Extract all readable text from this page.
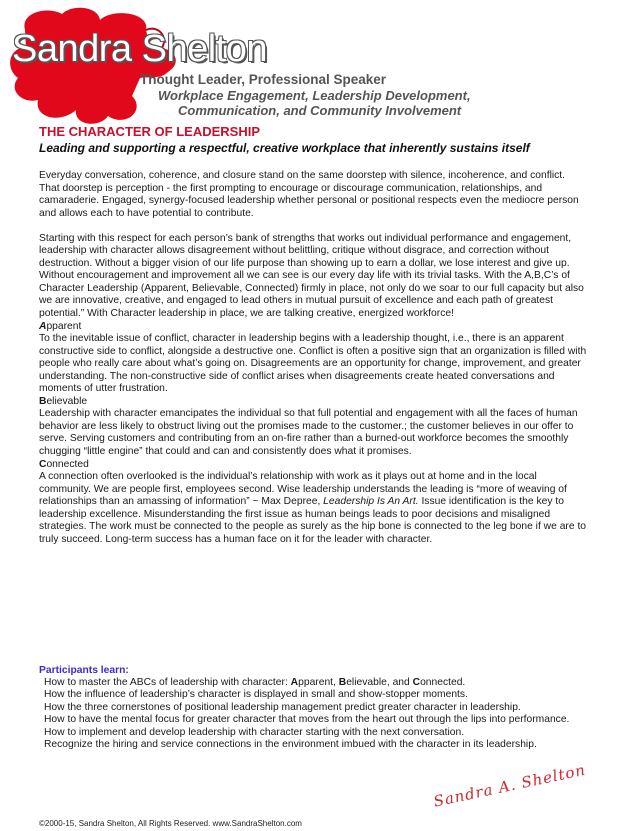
Sandra Shelton
Thought Leader, Professional Speaker
Workplace Engagement, Leadership Development,
Communication, and Community Involvement
THE CHARACTER OF LEADERSHIP
Leading and supporting a respectful, creative workplace that inherently sustains itself

Everyday conversation, coherence, and closure stand on the same doorstep with silence, incoherence, and conflict. That doorstep is perception - the first prompting to encourage or discourage communication, relationships, and camaraderie. Engaged, synergy-focused leadership whether personal or positional respects even the mediocre person and allows each to have potential to contribute.

Starting with this respect for each person’s bank of strengths that works out individual performance and engagement, leadership with character allows disagreement without belittling, critique without disgrace, and correction without destruction. Without a bigger vision of our life purpose than showing up to earn a dollar, we lose interest and give up. Without encouragement and improvement all we can see is our every day life with its trivial tasks. With the A,B,C’s of Character Leadership (Apparent, Believable, Connected) firmly in place, not only do we soar to our full capacity but also we are innovative, creative, and engaged to lead others in mutual pursuit of excellence and each path of greatest potential.” With Character leadership in place, we are talking creative, energized workforce!

Apparent

To the inevitable issue of conflict, character in leadership begins with a leadership thought, i.e., there is an apparent constructive side to conflict, alongside a destructive one. Conflict is often a positive sign that an organization is filled with people who really care about what’s going on. Disagreements are an opportunity for change, improvement, and greater understanding. The non-constructive side of conflict arises when disagreements create heated conversations and moments of utter frustration.

Believable

Leadership with character emancipates the individual so that full potential and engagement with all the faces of human behavior are less likely to obstruct living out the promises made to the customer.; the customer believes in our offer to serve. Serving customers and contributing from an on-fire rather than a burned-out workforce becomes the smoothly chugging “little engine” that could and can and consistently does what it promises.

Connected

A connection often overlooked is the individual’s relationship with work as it plays out at home and in the local community. We are people first, employees second. Wise leadership understands the leading is “more of weaving of relationships than an amassing of information” ~ Max Depree, Leadership Is An Art. Issue identification is the key to leadership excellence. Misunderstanding the first issue as human beings leads to poor decisions and misaligned strategies. The work must be connected to the people as surely as the hip bone is connected to the leg bone if we are to truly succeed. Long-term success has a human face on it for the leader with character.

Participants learn:
How to master the ABCs of leadership with character: Apparent, Believable, and Connected.
How the influence of leadership’s character is displayed in small and show-stopper moments.
How the three cornerstones of positional leadership management predict greater character in leadership.
How to have the mental focus for greater character that moves from the heart out through the lips into performance.
How to implement and develop leadership with character starting with the next conversation.
Recognize the hiring and service connections in the environment imbued with the character in its leadership.
Sandra A. Shelton
©2000-15, Sandra Shelton, All Rights Reserved. www.SandraShelton.com
